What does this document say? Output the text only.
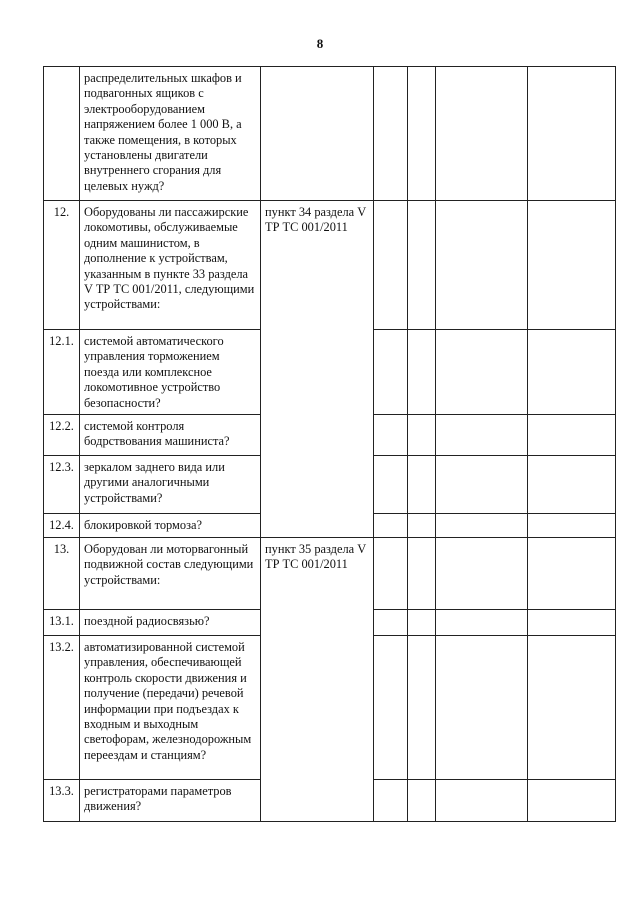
8
	распределительных шкафов и подвагонных ящиков с электрооборудованием напряжением более 1 000 В, а также помещения, в которых установлены двигатели внутреннего сгорания для целевых нужд?					
12.	Оборудованы ли пассажирские локомотивы, обслуживаемые одним машинистом, в дополнение к устройствам, указанным в пункте 33 раздела V ТР ТС 001/2011, следующими устройствами:	пункт 34 раздела V ТР ТС 001/2011				
12.1.	системой автоматического управления торможением поезда или комплексное локомотивное устройство безопасности?					
12.2.	системой контроля бодрствования машиниста?					
12.3.	зеркалом заднего вида или другими аналогичными устройствами?					
12.4.	блокировкой тормоза?					
13.	Оборудован ли моторвагонный подвижной состав следующими устройствами:	пункт 35 раздела V ТР ТС 001/2011				
13.1.	поездной радиосвязью?					
13.2.	автоматизированной системой управления, обеспечивающей контроль скорости движения и получение (передачи) речевой информации при подъездах к входным и выходным светофорам, железнодорожным переездам и станциям?					
13.3.	регистраторами параметров движения?					
